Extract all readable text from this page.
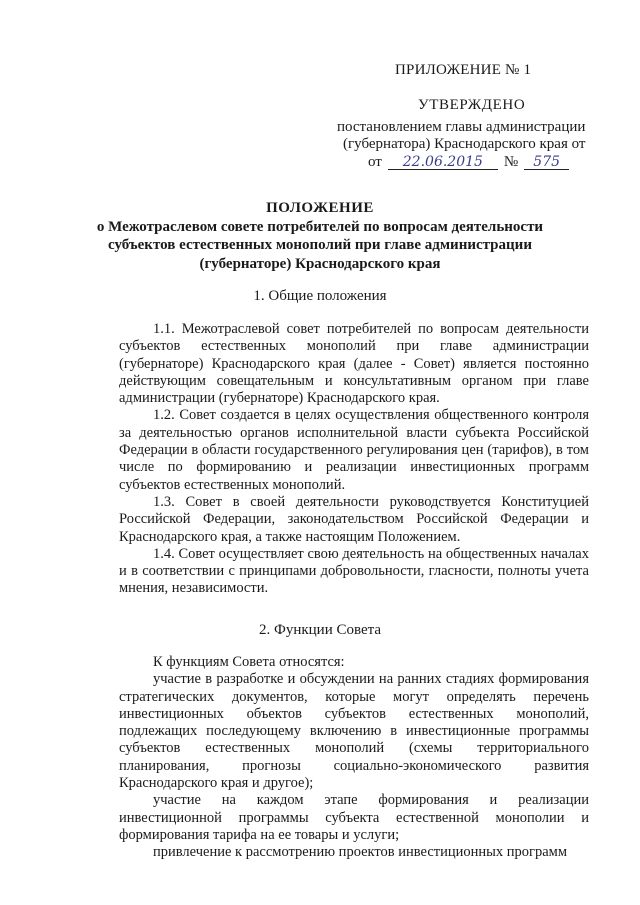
ПРИЛОЖЕНИЕ № 1
УТВЕРЖДЕНО
постановлением главы администрации
(губернатора) Краснодарского края от
от 22.06.2015 № 575
ПОЛОЖЕНИЕ
о Межотраслевом совете потребителей по вопросам деятельности
субъектов естественных монополий при главе администрации
(губернаторе) Краснодарского края
1. Общие положения

1.1. Межотраслевой совет потребителей по вопросам деятельности субъектов естественных монополий при главе администрации (губернаторе) Краснодарского края (далее - Совет) является постоянно действующим совещательным и консультативным органом при главе администрации (губернаторе) Краснодарского края.

1.2. Совет создается в целях осуществления общественного контроля за деятельностью органов исполнительной власти субъекта Российской Федерации в области государственного регулирования цен (тарифов), в том числе по формированию и реализации инвестиционных программ субъектов естественных монополий.

1.3. Совет в своей деятельности руководствуется Конституцией Российской Федерации, законодательством Российской Федерации и Краснодарского края, а также настоящим Положением.

1.4. Совет осуществляет свою деятельность на общественных началах и в соответствии с принципами добровольности, гласности, полноты учета мнения, независимости.

2. Функции Совета

К функциям Совета относятся:

участие в разработке и обсуждении на ранних стадиях формирования стратегических документов, которые могут определять перечень инвестиционных объектов субъектов естественных монополий, подлежащих последующему включению в инвестиционные программы субъектов естественных монополий (схемы территориального планирования, прогнозы социально-экономического развития Краснодарского края и другое);

участие на каждом этапе формирования и реализации инвестиционной программы субъекта естественной монополии и формирования тарифа на ее товары и услуги;

привлечение к рассмотрению проектов инвестиционных программ
